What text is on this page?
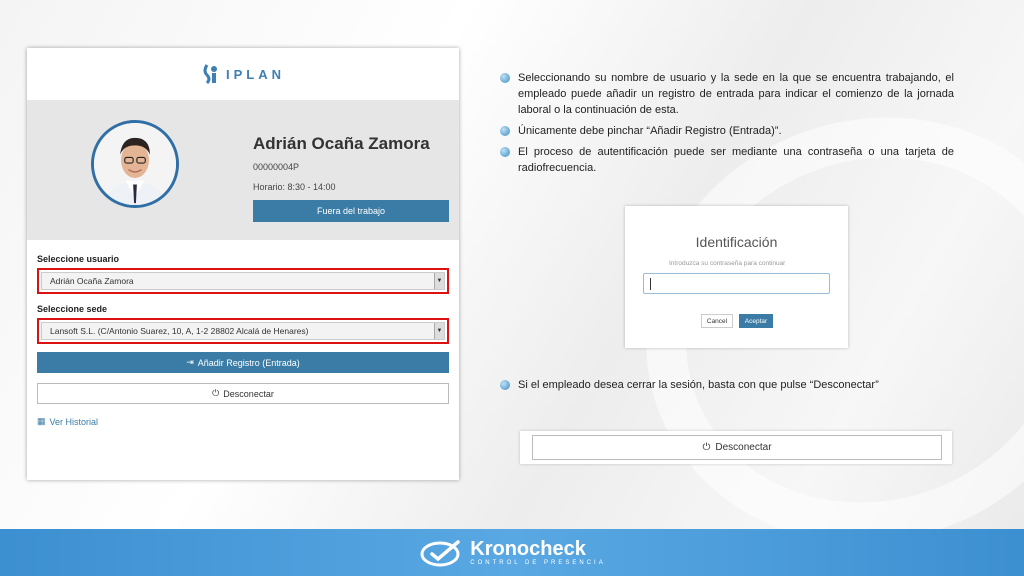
IPLAN
Adrián Ocaña Zamora
00000004P
Horario: 8:30 - 14:00
Fuera del trabajo
Seleccione usuario
Adrián Ocaña Zamora	▼
Seleccione sede
Lansoft S.L. (C/Antonio Suarez, 10, A, 1-2 28802 Alcalá de Henares)	▼
⇥ Añadir Registro (Entrada)
⏻ Desconectar
▦ Ver Historial
Seleccionando su nombre de usuario y la sede en la que se encuentra trabajando, el empleado puede añadir un registro de entrada para indicar el comienzo de la jornada laboral o la continuación de esta.
Únicamente debe pinchar “Añadir Registro (Entrada)”.
El proceso de autentificación puede ser mediante una contraseña o una tarjeta de radiofrecuencia.
Identificación
Introduzca su contraseña para continuar
Cancel	Aceptar
Si el empleado desea cerrar la sesión, basta con que pulse “Desconectar”
⏻ Desconectar
Kronocheck
CONTROL DE PRESENCIA
